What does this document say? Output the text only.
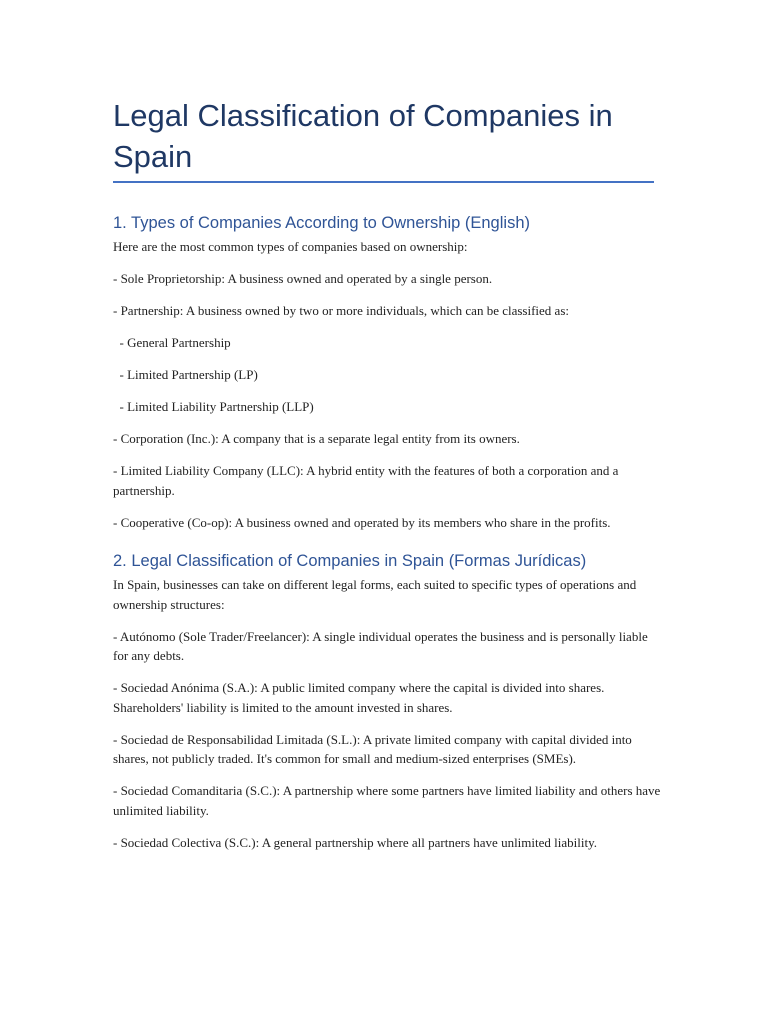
Legal Classification of Companies in Spain
1. Types of Companies According to Ownership (English)

Here are the most common types of companies based on ownership:

- Sole Proprietorship: A business owned and operated by a single person.

- Partnership: A business owned by two or more individuals, which can be classified as:

- General Partnership

- Limited Partnership (LP)

- Limited Liability Partnership (LLP)

- Corporation (Inc.): A company that is a separate legal entity from its owners.

- Limited Liability Company (LLC): A hybrid entity with the features of both a corporation and a partnership.

- Cooperative (Co-op): A business owned and operated by its members who share in the profits.

2. Legal Classification of Companies in Spain (Formas Jurídicas)

In Spain, businesses can take on different legal forms, each suited to specific types of operations and ownership structures:

- Autónomo (Sole Trader/Freelancer): A single individual operates the business and is personally liable for any debts.

- Sociedad Anónima (S.A.): A public limited company where the capital is divided into shares. Shareholders' liability is limited to the amount invested in shares.

- Sociedad de Responsabilidad Limitada (S.L.): A private limited company with capital divided into shares, not publicly traded. It's common for small and medium-sized enterprises (SMEs).

- Sociedad Comanditaria (S.C.): A partnership where some partners have limited liability and others have unlimited liability.

- Sociedad Colectiva (S.C.): A general partnership where all partners have unlimited liability.
